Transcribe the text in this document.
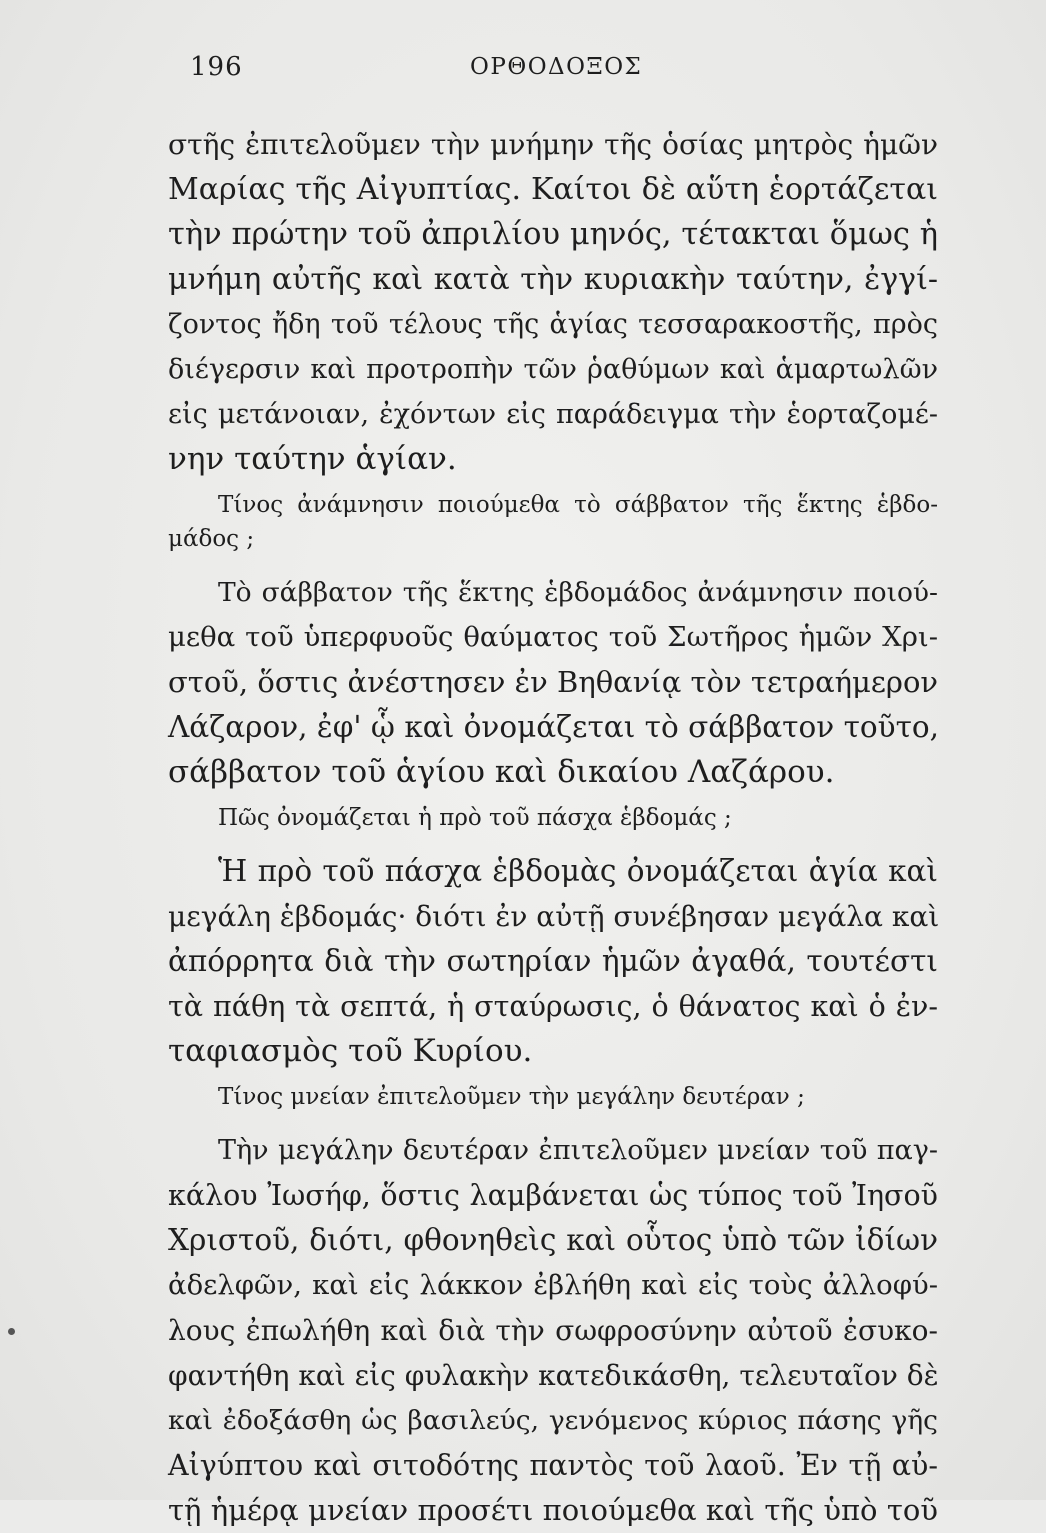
196	ΟΡΘΟΔΟΞΟΣ
στῆς ἐπιτελοῦμεν τὴν μνήμην τῆς ὁσίας μητρὸς ἡμῶν
Μαρίας τῆς Αἰγυπτίας. Καίτοι δὲ αὕτη ἑορτάζεται
τὴν πρώτην τοῦ ἀπριλίου μηνός, τέτακται ὅμως ἡ
μνήμη αὐτῆς καὶ κατὰ τὴν κυριακὴν ταύτην, ἐγγί-
ζοντος ἤδη τοῦ τέλους τῆς ἁγίας τεσσαρακοστῆς, πρὸς
διέγερσιν καὶ προτροπὴν τῶν ῥαθύμων καὶ ἁμαρτωλῶν
εἰς μετάνοιαν, ἐχόντων εἰς παράδειγμα τὴν ἑορταζομέ-
νην ταύτην ἁγίαν.
Τίνος ἀνάμνησιν ποιούμεθα τὸ σάββατον τῆς ἕκτης ἑβδο-
μάδος ;
Τὸ σάββατον τῆς ἕκτης ἑβδομάδος ἀνάμνησιν ποιού-
μεθα τοῦ ὑπερφυοῦς θαύματος τοῦ Σωτῆρος ἡμῶν Χρι-
στοῦ, ὅστις ἀνέστησεν ἐν Βηθανίᾳ τὸν τετραήμερον
Λάζαρον, ἐφ' ᾧ καὶ ὀνομάζεται τὸ σάββατον τοῦτο,
σάββατον τοῦ ἁγίου καὶ δικαίου Λαζάρου.
Πῶς ὀνομάζεται ἡ πρὸ τοῦ πάσχα ἑβδομάς ;
Ἡ πρὸ τοῦ πάσχα ἑβδομὰς ὀνομάζεται ἁγία καὶ
μεγάλη ἑβδομάς· διότι ἐν αὐτῇ συνέβησαν μεγάλα καὶ
ἀπόρρητα διὰ τὴν σωτηρίαν ἡμῶν ἀγαθά, τουτέστι
τὰ πάθη τὰ σεπτά, ἡ σταύρωσις, ὁ θάνατος καὶ ὁ ἐν-
ταφιασμὸς τοῦ Κυρίου.
Τίνος μνείαν ἐπιτελοῦμεν τὴν μεγάλην δευτέραν ;
Τὴν μεγάλην δευτέραν ἐπιτελοῦμεν μνείαν τοῦ παγ-
κάλου Ἰωσήφ, ὅστις λαμβάνεται ὡς τύπος τοῦ Ἰησοῦ
Χριστοῦ, διότι, φθονηθεὶς καὶ οὗτος ὑπὸ τῶν ἰδίων
ἀδελφῶν, καὶ εἰς λάκκον ἐβλήθη καὶ εἰς τοὺς ἀλλοφύ-
λους ἐπωλήθη καὶ διὰ τὴν σωφροσύνην αὐτοῦ ἐσυκο-
φαντήθη καὶ εἰς φυλακὴν κατεδικάσθη, τελευταῖον δὲ
καὶ ἐδοξάσθη ὡς βασιλεύς, γενόμενος κύριος πάσης γῆς
Αἰγύπτου καὶ σιτοδότης παντὸς τοῦ λαοῦ. Ἐν τῇ αὐ-
τῇ ἡμέρᾳ μνείαν προσέτι ποιούμεθα καὶ τῆς ὑπὸ τοῦ
